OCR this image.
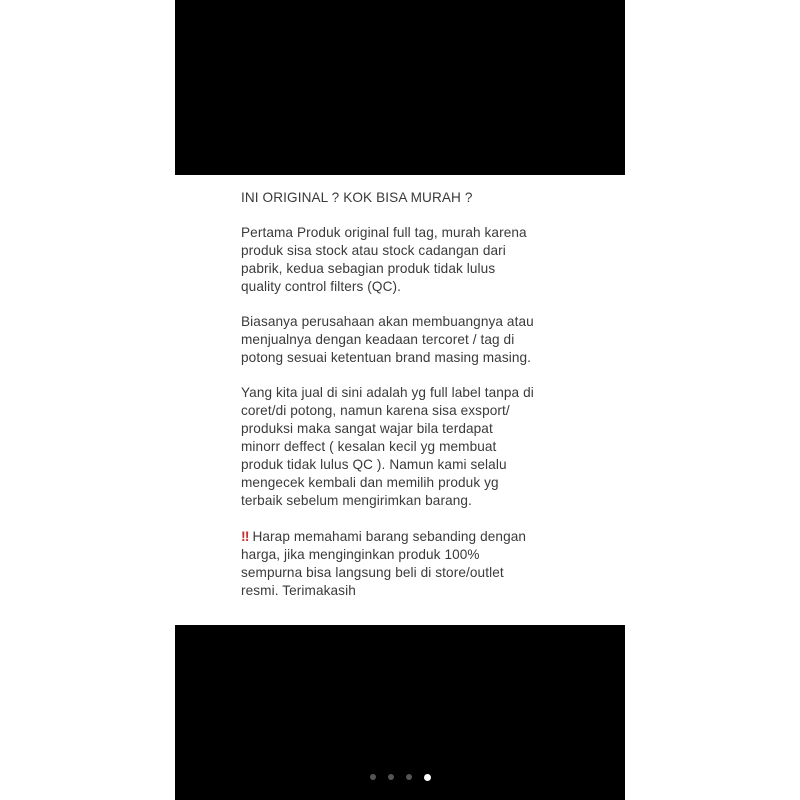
INI ORIGINAL ? KOK BISA MURAH ?

Pertama Produk original full tag, murah karena
produk sisa stock atau stock cadangan dari
pabrik, kedua sebagian produk tidak lulus
quality control filters (QC).

Biasanya perusahaan akan membuangnya atau
menjualnya dengan keadaan tercoret / tag di
potong sesuai ketentuan brand masing masing.

Yang kita jual di sini adalah yg full label tanpa di
coret/di potong, namun karena sisa exsport/
produksi maka sangat wajar bila terdapat
minorr deffect ( kesalan kecil yg membuat
produk tidak lulus QC ). Namun kami selalu
mengecek kembali dan memilih produk yg
terbaik sebelum mengirimkan barang.

‼ Harap memahami barang sebanding dengan
harga, jika menginginkan produk 100%
sempurna bisa langsung beli di store/outlet
resmi. Terimakasih
